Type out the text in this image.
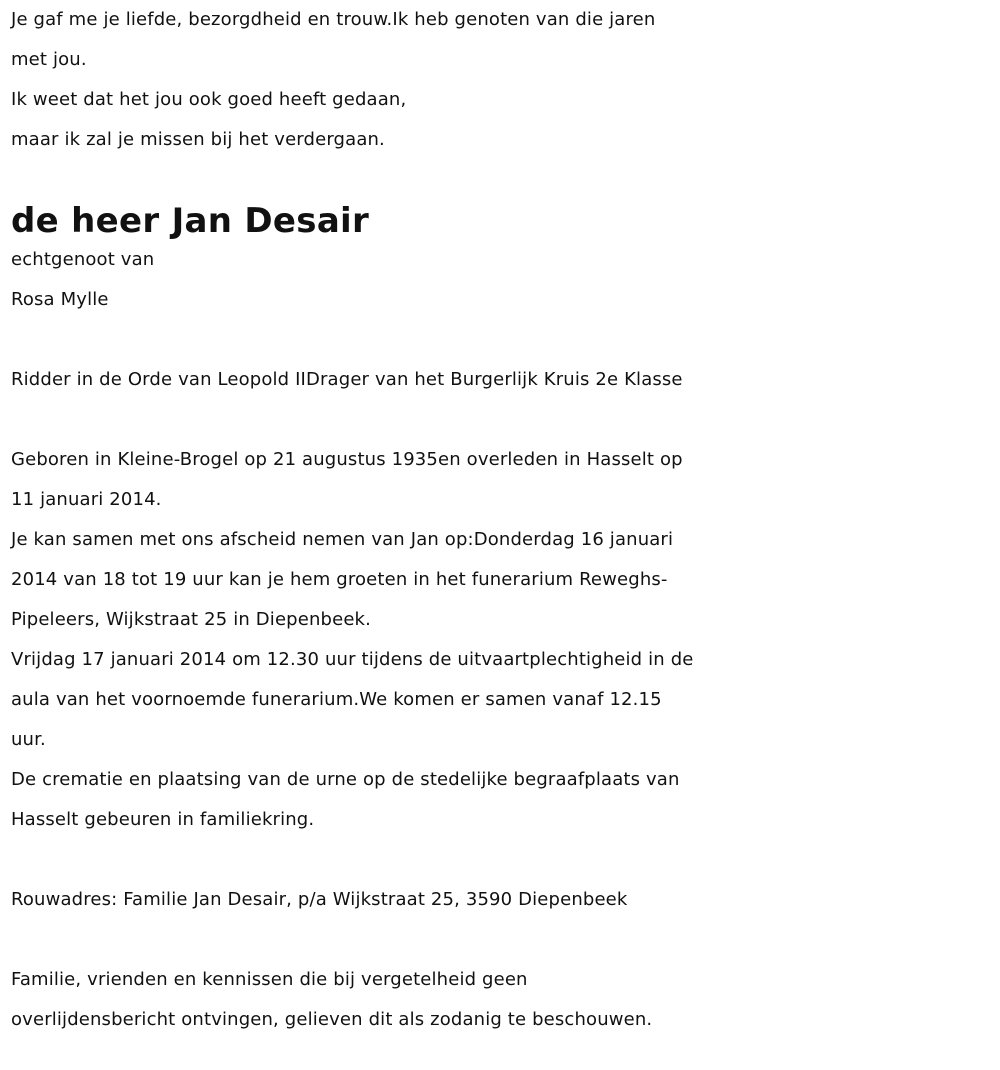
Je gaf me je liefde, bezorgdheid en trouw.Ik heb genoten van die jaren
met jou.
Ik weet dat het jou ook goed heeft gedaan,
maar ik zal je missen bij het verdergaan.
de heer Jan Desair
echtgenoot van
Rosa Mylle
Ridder in de Orde van Leopold IIDrager van het Burgerlijk Kruis 2e Klasse
Geboren in Kleine-Brogel op 21 augustus 1935en overleden in Hasselt op
11 januari 2014.
Je kan samen met ons afscheid nemen van Jan op:Donderdag 16 januari
2014 van 18 tot 19 uur kan je hem groeten in het funerarium Reweghs-
Pipeleers, Wijkstraat 25 in Diepenbeek.
Vrijdag 17 januari 2014 om 12.30 uur tijdens de uitvaartplechtigheid in de
aula van het voornoemde funerarium.We komen er samen vanaf 12.15
uur.
De crematie en plaatsing van de urne op de stedelijke begraafplaats van
Hasselt gebeuren in familiekring.
Rouwadres: Familie Jan Desair, p/a Wijkstraat 25, 3590 Diepenbeek
Familie, vrienden en kennissen die bij vergetelheid geen
overlijdensbericht ontvingen, gelieven dit als zodanig te beschouwen.
